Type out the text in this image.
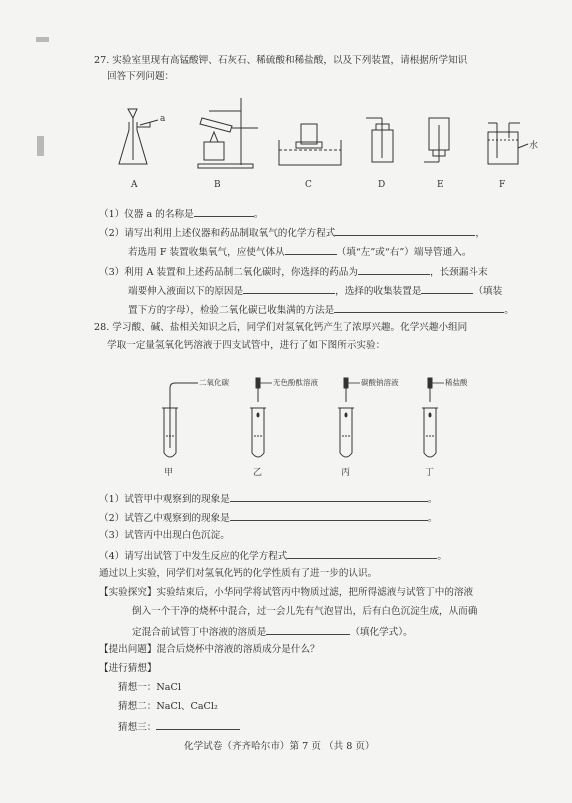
27. 实验室里现有高锰酸钾、石灰石、稀硫酸和稀盐酸，以及下列装置，请根据所学知识
回答下列问题：
a
水
A	B	C	D	E	F
（1）仪器 a 的名称是	。
（2）请写出利用上述仪器和药品制取氧气的化学方程式	，
若选用 F 装置收集氧气，应使气体从	（填“左”或“右”）端导管通入。
（3）利用 A 装置和上述药品制二氧化碳时，你选择的药品为	，长颈漏斗末
端要伸入液面以下的原因是	，选择的收集装置是	（填装
置下方的字母），检验二氧化碳已收集满的方法是	。
28. 学习酸、碱、盐相关知识之后，同学们对氢氧化钙产生了浓厚兴趣。化学兴趣小组同
学取一定量氢氧化钙溶液于四支试管中，进行了如下图所示实验：
二氧化碳	无色酚酞溶液	碳酸钠溶液	稀盐酸
甲	乙	丙	丁
（1）试管甲中观察到的现象是	。
（2）试管乙中观察到的现象是	。
（3）试管丙中出现白色沉淀。
（4）请写出试管丁中发生反应的化学方程式	。
通过以上实验，同学们对氢氧化钙的化学性质有了进一步的认识。
【实验探究】实验结束后，小华同学将试管丙中物质过滤，把所得滤液与试管丁中的溶液
倒入一个干净的烧杯中混合，过一会儿先有气泡冒出，后有白色沉淀生成，从而确
定混合前试管丁中溶液的溶质是	（填化学式）。
【提出问题】混合后烧杯中溶液的溶质成分是什么？
【进行猜想】
猜想一：NaCl
猜想二：NaCl、CaCl₂
猜想三：
化学试卷（齐齐哈尔市）第 7 页 （共 8 页）
